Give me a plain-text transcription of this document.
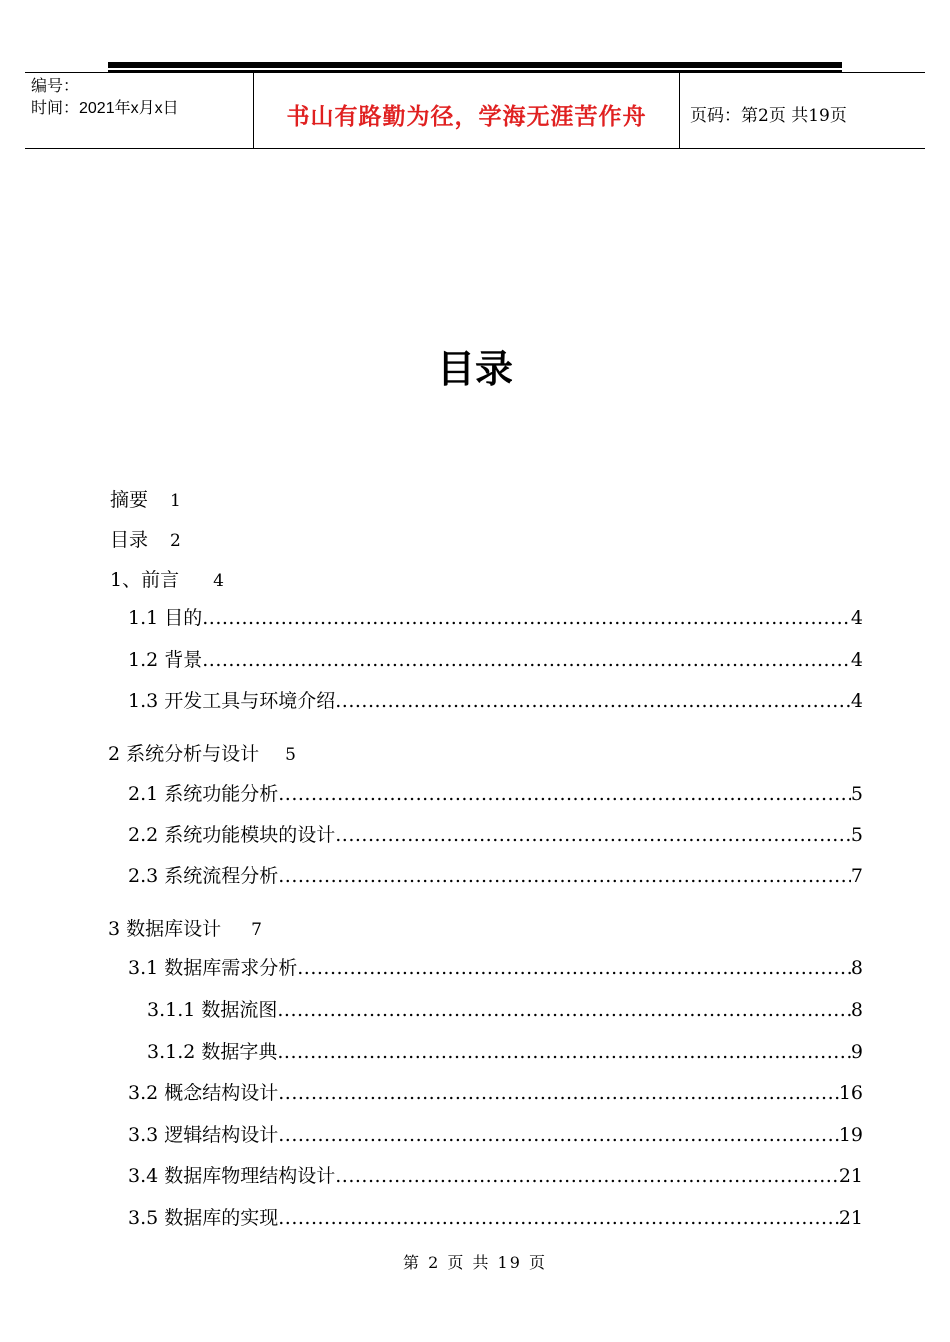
编号：
时间：2021年x月x日	书山有路勤为径，学海无涯苦作舟	页码：第2页 共19页
目录
摘要 1
目录 2
1、前言 4
1.1 目的 .....	4
1.2 背景 .....	4
1.3 开发工具与环境介绍 .....	4
2 系统分析与设计 5
2.1 系统功能分析 .....	5
2.2 系统功能模块的设计 .....	5
2.3 系统流程分析 .....	7
3 数据库设计 7
3.1 数据库需求分析 .....	8
3.1.1 数据流图 .....	8
3.1.2 数据字典 .....	9
3.2 概念结构设计 .....	16
3.3 逻辑结构设计 .....	19
3.4 数据库物理结构设计 .....	21
3.5 数据库的实现 .....	21
第 2 页 共 19 页
